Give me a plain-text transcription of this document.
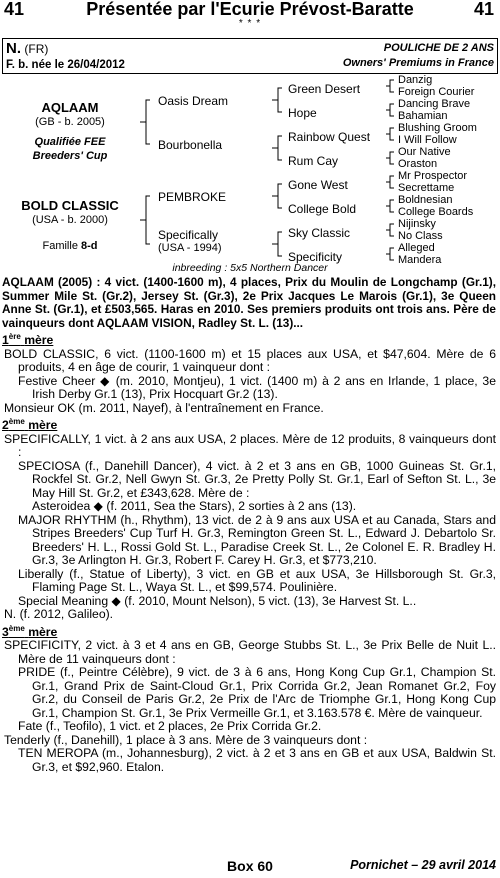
41	Présentée par l'Ecurie Prévost-Baratte	41
* * *
N. (FR)	POULICHE DE 2 ANS
F. b. née le 26/04/2012	Owners' Premiums in France
AQLAAM
(GB - b. 2005)
Qualifiée FEE
Breeders' Cup
BOLD CLASSIC
(USA - b. 2000)
Famille 8-d
Oasis Dream
Bourbonella
PEMBROKE
Specifically
(USA - 1994)
Green Desert
Hope
Rainbow Quest
Rum Cay
Gone West
College Bold
Sky Classic
Specificity
Danzig
Foreign Courier
Dancing Brave
Bahamian
Blushing Groom
I Will Follow
Our Native
Oraston
Mr Prospector
Secrettame
Boldnesian
College Boards
Nijinsky
No Class
Alleged
Mandera
inbreeding : 5x5 Northern Dancer

AQLAAM (2005) : 4 vict. (1400-1600 m), 4 places, Prix du Moulin de Longchamp (Gr.1), Summer Mile St. (Gr.2), Jersey St. (Gr.3), 2e Prix Jacques Le Marois (Gr.1), 3e Queen Anne St. (Gr.1), et £503,565. Haras en 2010. Ses premiers produits ont trois ans. Père de vainqueurs dont AQLAAM VISION, Radley St. L. (13)...

1ère mère

BOLD CLASSIC, 6 vict. (1100-1600 m) et 15 places aux USA, et $47,604. Mère de 6 produits, 4 en âge de courir, 1 vainqueur dont :

Festive Cheer ◆ (m. 2010, Montjeu), 1 vict. (1400 m) à 2 ans en Irlande, 1 place, 3e Irish Derby Gr.1 (13), Prix Hocquart Gr.2 (13).

Monsieur OK (m. 2011, Nayef), à l'entraînement en France.

2ème mère

SPECIFICALLY, 1 vict. à 2 ans aux USA, 2 places. Mère de 12 produits, 8 vainqueurs dont :

SPECIOSA (f., Danehill Dancer), 4 vict. à 2 et 3 ans en GB, 1000 Guineas St. Gr.1, Rockfel St. Gr.2, Nell Gwyn St. Gr.3, 2e Pretty Polly St. Gr.1, Earl of Sefton St. L., 3e May Hill St. Gr.2, et £343,628. Mère de :

Asteroidea ◆ (f. 2011, Sea the Stars), 2 sorties à 2 ans (13).

MAJOR RHYTHM (h., Rhythm), 13 vict. de 2 à 9 ans aux USA et au Canada, Stars and Stripes Breeders' Cup Turf H. Gr.3, Remington Green St. L., Edward J. Debartolo Sr. Breeders' H. L., Rossi Gold St. L., Paradise Creek St. L., 2e Colonel E. R. Bradley H. Gr.3, 3e Arlington H. Gr.3, Robert F. Carey H. Gr.3, et $773,210.

Liberally (f., Statue of Liberty), 3 vict. en GB et aux USA, 3e Hillsborough St. Gr.3, Flaming Page St. L., Waya St. L., et $99,574. Poulinière.

Special Meaning ◆ (f. 2010, Mount Nelson), 5 vict. (13), 3e Harvest St. L..

N. (f. 2012, Galileo).

3ème mère

SPECIFICITY, 2 vict. à 3 et 4 ans en GB, George Stubbs St. L., 3e Prix Belle de Nuit L.. Mère de 11 vainqueurs dont :

PRIDE (f., Peintre Célèbre), 9 vict. de 3 à 6 ans, Hong Kong Cup Gr.1, Champion St. Gr.1, Grand Prix de Saint-Cloud Gr.1, Prix Corrida Gr.2, Jean Romanet Gr.2, Foy Gr.2, du Conseil de Paris Gr.2, 2e Prix de l'Arc de Triomphe Gr.1, Hong Kong Cup Gr.1, Champion St. Gr.1, 3e Prix Vermeille Gr.1, et 3.163.578 €. Mère de vainqueur.

Fate (f., Teofilo), 1 vict. et 2 places, 2e Prix Corrida Gr.2.

Tenderly (f., Danehill), 1 place à 3 ans. Mère de 3 vainqueurs dont :

TEN MEROPA (m., Johannesburg), 2 vict. à 2 et 3 ans en GB et aux USA, Baldwin St. Gr.3, et $92,960. Etalon.

Box 60	Pornichet – 29 avril 2014
